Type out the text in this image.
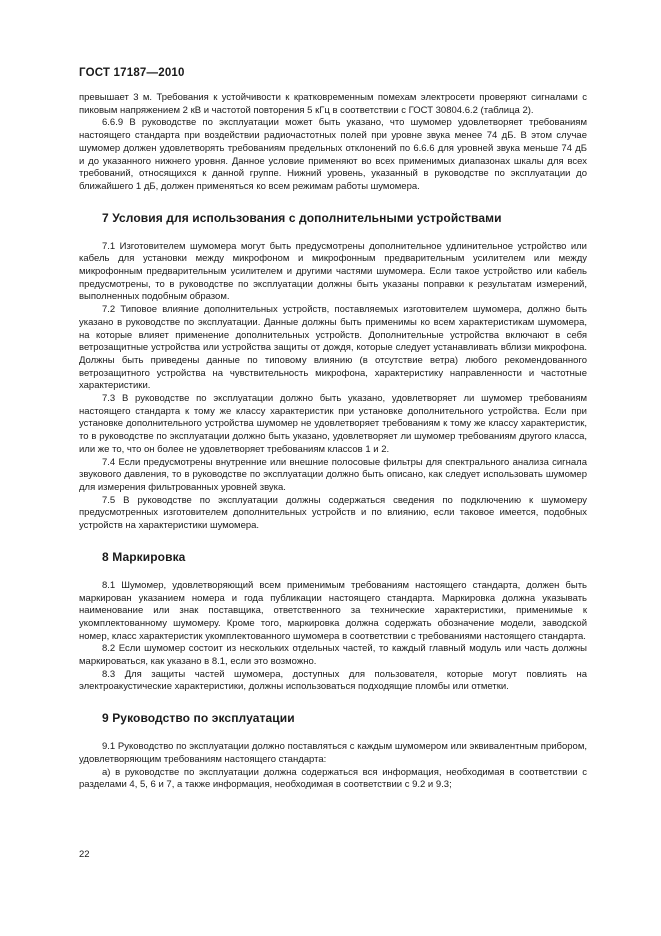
ГОСТ 17187—2010

превышает 3 м. Требования к устойчивости к кратковременным помехам электросети проверяют сигналами с пиковым напряжением 2 кВ и частотой повторения 5 кГц в соответствии с ГОСТ 30804.6.2 (таблица 2).

6.6.9 В руководстве по эксплуатации может быть указано, что шумомер удовлетворяет требованиям настоящего стандарта при воздействии радиочастотных полей при уровне звука менее 74 дБ. В этом случае шумомер должен удовлетворять требованиям предельных отклонений по 6.6.6 для уровней звука меньше 74 дБ и до указанного нижнего уровня. Данное условие применяют во всех применимых диапазонах шкалы для всех требований, относящихся к данной группе. Нижний уровень, указанный в руководстве по эксплуатации до ближайшего 1 дБ, должен применяться ко всем режимам работы шумомера.

7 Условия для использования с дополнительными устройствами

7.1 Изготовителем шумомера могут быть предусмотрены дополнительное удлинительное устройство или кабель для установки между микрофоном и микрофонным предварительным усилителем или между микрофонным предварительным усилителем и другими частями шумомера. Если такое устройство или кабель предусмотрены, то в руководстве по эксплуатации должны быть указаны поправки к результатам измерений, выполненных подобным образом.

7.2 Типовое влияние дополнительных устройств, поставляемых изготовителем шумомера, должно быть указано в руководстве по эксплуатации. Данные должны быть применимы ко всем характеристикам шумомера, на которые влияет применение дополнительных устройств. Дополнительные устройства включают в себя ветрозащитные устройства или устройства защиты от дождя, которые следует устанавливать вблизи микрофона. Должны быть приведены данные по типовому влиянию (в отсутствие ветра) любого рекомендованного ветрозащитного устройства на чувствительность микрофона, характеристику направленности и частотные характеристики.

7.3 В руководстве по эксплуатации должно быть указано, удовлетворяет ли шумомер требованиям настоящего стандарта к тому же классу характеристик при установке дополнительного устройства. Если при установке дополнительного устройства шумомер не удовлетворяет требованиям к тому же классу характеристик, то в руководстве по эксплуатации должно быть указано, удовлетворяет ли шумомер требованиям другого класса, или же то, что он более не удовлетворяет требованиям классов 1 и 2.

7.4 Если предусмотрены внутренние или внешние полосовые фильтры для спектрального анализа сигнала звукового давления, то в руководстве по эксплуатации должно быть описано, как следует использовать шумомер для измерения фильтрованных уровней звука.

7.5 В руководстве по эксплуатации должны содержаться сведения по подключению к шумомеру предусмотренных изготовителем дополнительных устройств и по влиянию, если таковое имеется, подобных устройств на характеристики шумомера.

8 Маркировка

8.1 Шумомер, удовлетворяющий всем применимым требованиям настоящего стандарта, должен быть маркирован указанием номера и года публикации настоящего стандарта. Маркировка должна указывать наименование или знак поставщика, ответственного за технические характеристики, применимые к укомплектованному шумомеру. Кроме того, маркировка должна содержать обозначение модели, заводской номер, класс характеристик укомплектованного шумомера в соответствии с требованиями настоящего стандарта.

8.2 Если шумомер состоит из нескольких отдельных частей, то каждый главный модуль или часть должны маркироваться, как указано в 8.1, если это возможно.

8.3 Для защиты частей шумомера, доступных для пользователя, которые могут повлиять на электроакустические характеристики, должны использоваться подходящие пломбы или отметки.

9 Руководство по эксплуатации

9.1 Руководство по эксплуатации должно поставляться с каждым шумомером или эквивалентным прибором, удовлетворяющим требованиям настоящего стандарта:

а) в руководстве по эксплуатации должна содержаться вся информация, необходимая в соответствии с разделами 4, 5, 6 и 7, а также информация, необходимая в соответствии с 9.2 и 9.3;

22
